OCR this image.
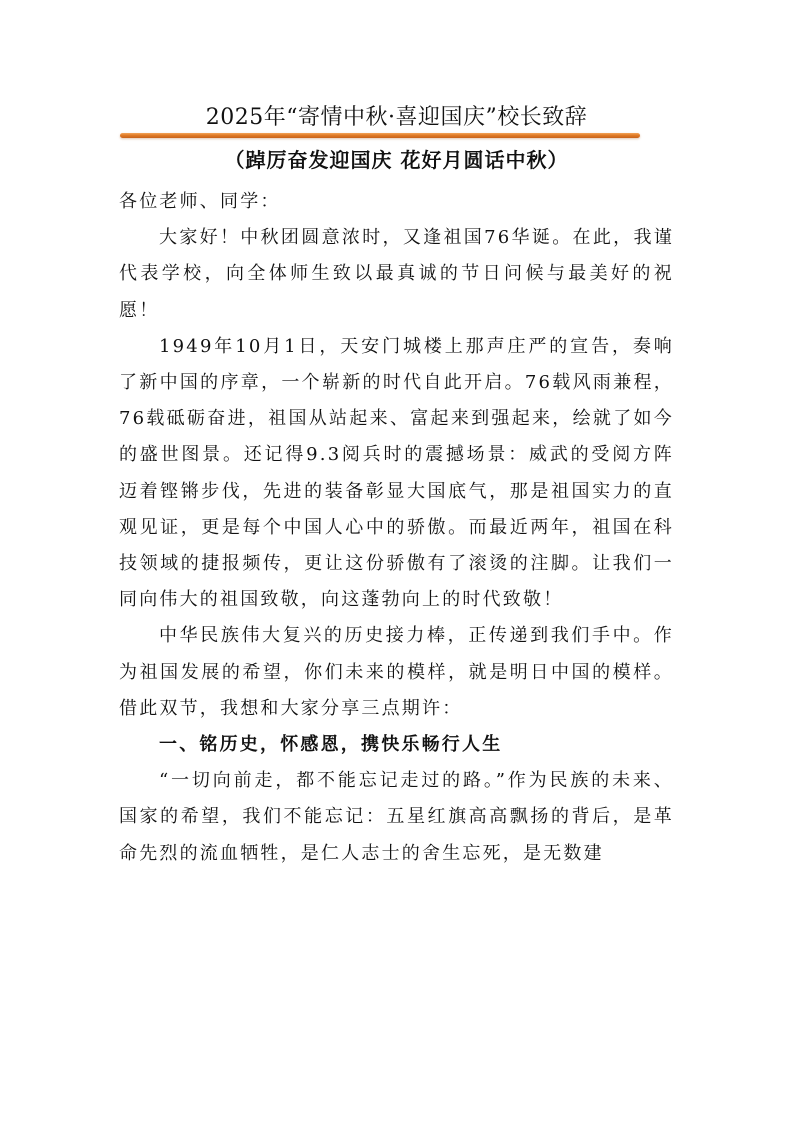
2025年“寄情中秋·喜迎国庆”校长致辞
（踔厉奋发迎国庆 花好月圆话中秋）

各位老师、同学：

大家好！中秋团圆意浓时，又逢祖国76华诞。在此，我谨代表学校，向全体师生致以最真诚的节日问候与最美好的祝愿！

1949年10月1日，天安门城楼上那声庄严的宣告，奏响了新中国的序章，一个崭新的时代自此开启。76载风雨兼程，76载砥砺奋进，祖国从站起来、富起来到强起来，绘就了如今的盛世图景。还记得9.3阅兵时的震撼场景：威武的受阅方阵迈着铿锵步伐，先进的装备彰显大国底气，那是祖国实力的直观见证，更是每个中国人心中的骄傲。而最近两年，祖国在科技领域的捷报频传，更让这份骄傲有了滚烫的注脚。让我们一同向伟大的祖国致敬，向这蓬勃向上的时代致敬！

中华民族伟大复兴的历史接力棒，正传递到我们手中。作为祖国发展的希望，你们未来的模样，就是明日中国的模样。借此双节，我想和大家分享三点期许：

一、铭历史，怀感恩，携快乐畅行人生

“一切向前走，都不能忘记走过的路。”作为民族的未来、国家的希望，我们不能忘记：五星红旗高高飘扬的背后，是革命先烈的流血牺牲，是仁人志士的舍生忘死，是无数建
